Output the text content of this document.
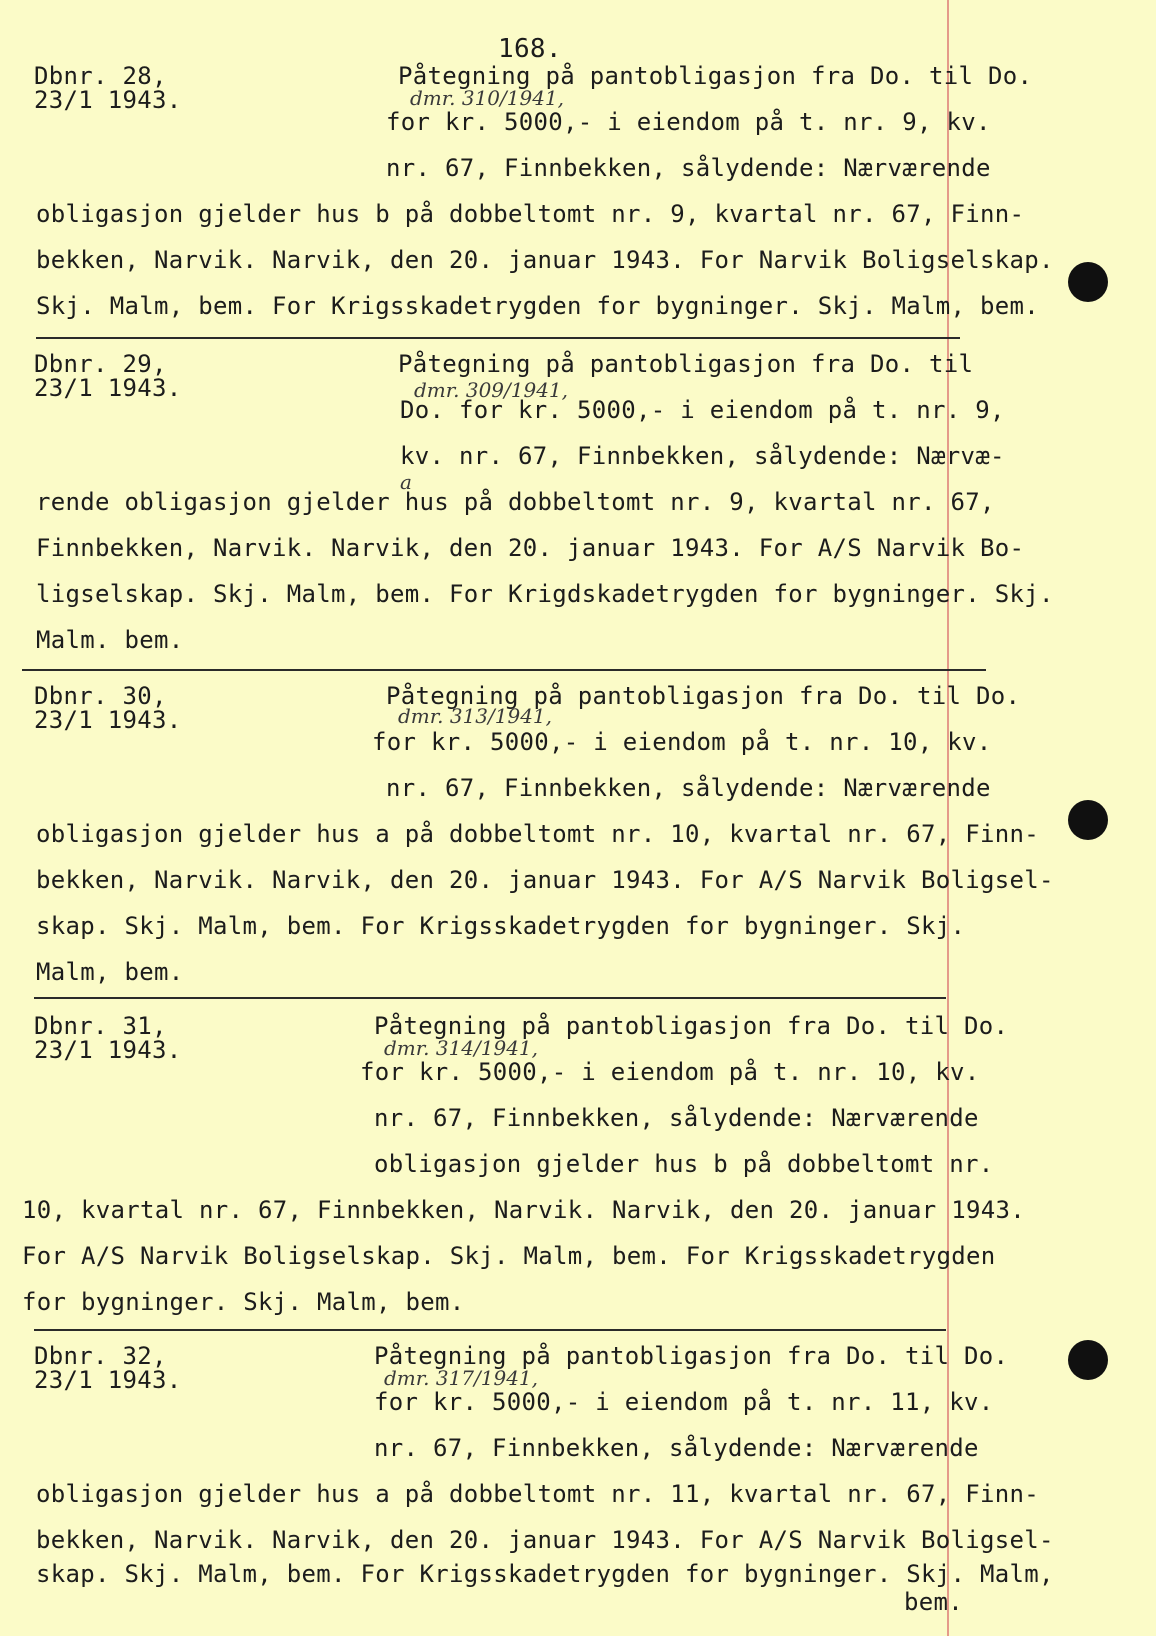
168.
Dbnr. 28,
23/1 1943.	dmr. 310/1941,
Påtegning på pantobligasjon fra Do. til Do.
for kr. 5000,- i eiendom på t. nr. 9, kv.
nr. 67, Finnbekken, sålydende: Nærværende
obligasjon gjelder hus b på dobbeltomt nr. 9, kvartal nr. 67, Finn-
bekken, Narvik. Narvik, den 20. januar 1943. For Narvik Boligselskap.
Skj. Malm, bem. For Krigsskadetrygden for bygninger. Skj. Malm, bem.
Dbnr. 29,
23/1 1943.	dmr. 309/1941,
Påtegning på pantobligasjon fra Do. til
Do. for kr. 5000,- i eiendom på t. nr. 9,
kv. nr. 67, Finnbekken, sålydende: Nærvæ-
a
rende obligasjon gjelder hus på dobbeltomt nr. 9, kvartal nr. 67,
Finnbekken, Narvik. Narvik, den 20. januar 1943. For A/S Narvik Bo-
ligselskap. Skj. Malm, bem. For Krigdskadetrygden for bygninger. Skj.
Malm. bem.
Dbnr. 30,
23/1 1943.	dmr. 313/1941,
Påtegning på pantobligasjon fra Do. til Do.
for kr. 5000,- i eiendom på t. nr. 10, kv.
nr. 67, Finnbekken, sålydende: Nærværende
obligasjon gjelder hus a på dobbeltomt nr. 10, kvartal nr. 67, Finn-
bekken, Narvik. Narvik, den 20. januar 1943. For A/S Narvik Boligsel-
skap. Skj. Malm, bem. For Krigsskadetrygden for bygninger. Skj.
Malm, bem.
Dbnr. 31,
23/1 1943.	dmr. 314/1941,
Påtegning på pantobligasjon fra Do. til Do.
for kr. 5000,- i eiendom på t. nr. 10, kv.
nr. 67, Finnbekken, sålydende: Nærværende
obligasjon gjelder hus b på dobbeltomt nr.
10, kvartal nr. 67, Finnbekken, Narvik. Narvik, den 20. januar 1943.
For A/S Narvik Boligselskap. Skj. Malm, bem. For Krigsskadetrygden
for bygninger. Skj. Malm, bem.
Dbnr. 32,
23/1 1943.	dmr. 317/1941,
Påtegning på pantobligasjon fra Do. til Do.
for kr. 5000,- i eiendom på t. nr. 11, kv.
nr. 67, Finnbekken, sålydende: Nærværende
obligasjon gjelder hus a på dobbeltomt nr. 11, kvartal nr. 67, Finn-
bekken, Narvik. Narvik, den 20. januar 1943. For A/S Narvik Boligsel-
skap. Skj. Malm, bem. For Krigsskadetrygden for bygninger. Skj. Malm,
bem.
